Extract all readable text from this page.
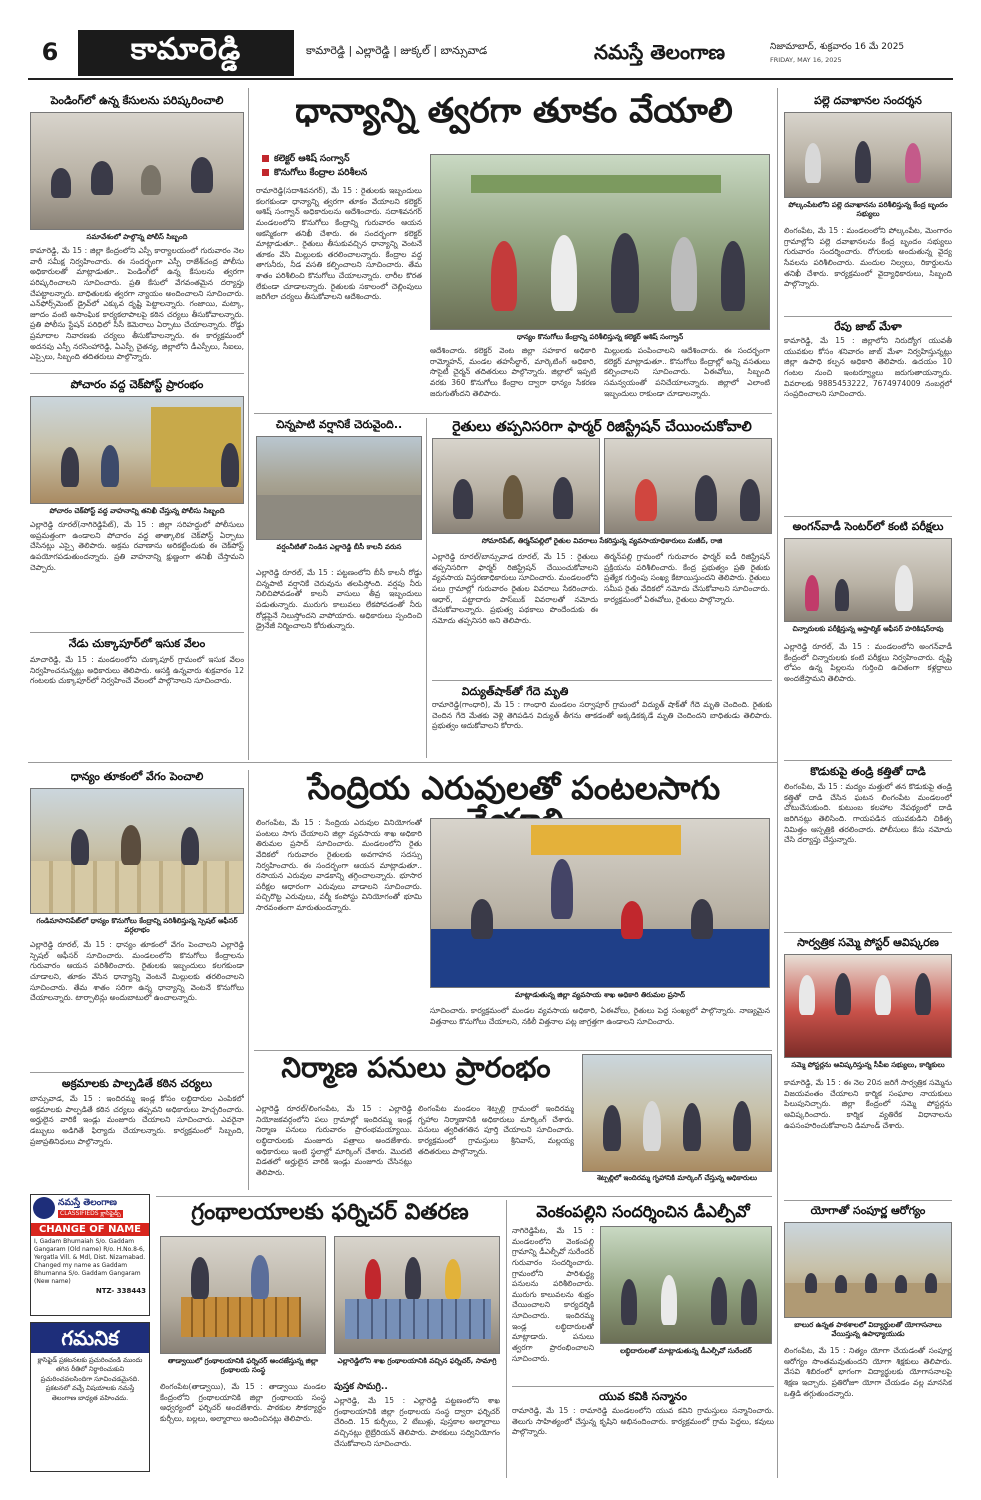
6	కామారెడ్డి	కామారెడ్డి | ఎల్లారెడ్డి | జుక్కల్ | బాన్సువాడ	నమస్తే తెలంగాణ	నిజామాబాద్, శుక్రవారం 16 మే 2025
FRIDAY, MAY 16, 2025
పెండింగ్‌లో ఉన్న కేసులను పరిష్కరించాలి
సమావేశంలో పాల్గొన్న పోలీస్ సిబ్బంది
కామారెడ్డి, మే 15 : జిల్లా కేంద్రంలోని ఎస్పీ కార్యాలయంలో గురువారం నెల వారీ సమీక్ష నిర్వహించారు. ఈ సందర్భంగా ఎస్పీ రాజేశ్‌చంద్ర పోలీసు అధికారులతో మాట్లాడుతూ.. పెండింగ్‌లో ఉన్న కేసులను త్వరగా పరిష్కరించాలని సూచించారు. ప్రతి కేసులో వేగవంతమైన దర్యాప్తు చేపట్టాలన్నారు. బాధితులకు త్వరగా న్యాయం అందించాలని సూచించారు. ఎన్‌ఫోర్స్‌మెంట్ డ్రైవ్‌లో ఎక్కువ దృష్టి పెట్టాలన్నారు. గంజాయి, మట్కా, జూదం వంటి అసాంఘిక కార్యకలాపాలపై కఠిన చర్యలు తీసుకోవాలన్నారు. ప్రతి పోలీసు స్టేషన్ పరిధిలో సీసీ కెమెరాలు ఏర్పాటు చేయాలన్నారు. రోడ్డు ప్రమాదాల నివారణకు చర్యలు తీసుకోవాలన్నారు. ఈ కార్యక్రమంలో అదనపు ఎస్పీ నరసింహారెడ్డి, ఏఎస్పీ చైతన్య, జిల్లాలోని డీఎస్పీలు, సీఐలు, ఎస్సైలు, సిబ్బంది తదితరులు పాల్గొన్నారు.
పోచారం వద్ద చెక్‌పోస్ట్ ప్రారంభం
పోచారం చెక్‌పోస్ట్ వద్ద వాహనాన్ని తనిఖీ చేస్తున్న పోలీసు సిబ్బంది
ఎల్లారెడ్డి రూరల్(నాగిరెడ్డిపేట్), మే 15 : జిల్లా సరిహద్దులో పోలీసులు అప్రమత్తంగా ఉండాలని పోచారం వద్ద తాత్కాలిక చెక్‌పోస్ట్ ఏర్పాటు చేసినట్లు ఎస్సై తెలిపారు. అక్రమ రవాణాను అరికట్టేందుకు ఈ చెక్‌పోస్ట్ ఉపయోగపడుతుందన్నారు. ప్రతి వాహనాన్ని క్షుణ్ణంగా తనిఖీ చేస్తామని చెప్పారు.
నేడు చుక్కాపూర్‌లో ఇసుక వేలం
మాచారెడ్డి, మే 15 : మండలంలోని చుక్కాపూర్ గ్రామంలో ఇసుక వేలం నిర్వహించనున్నట్లు అధికారులు తెలిపారు. ఆసక్తి ఉన్నవారు శుక్రవారం 12 గంటలకు చుక్కాపూర్‌లో నిర్వహించే వేలంలో పాల్గొనాలని సూచించారు.
ధాన్యం తూకంలో వేగం పెంచాలి
గండిమాసానిపేట్‌లో ధాన్యం కొనుగోలు కేంద్రాన్ని పరిశీలిస్తున్న స్పెషల్ ఆఫీసర్ వర్గలాభం
ఎల్లారెడ్డి రూరల్, మే 15 : ధాన్యం తూకంలో వేగం పెంచాలని ఎల్లారెడ్డి స్పెషల్ ఆఫీసర్ సూచించారు. మండలంలోని కొనుగోలు కేంద్రాలను గురువారం ఆయన పరిశీలించారు. రైతులకు ఇబ్బందులు కలగకుండా చూడాలని, తూకం వేసిన ధాన్యాన్ని వెంటనే మిల్లులకు తరలించాలని సూచించారు. తేమ శాతం సరిగా ఉన్న ధాన్యాన్ని వెంటనే కొనుగోలు చేయాలన్నారు. టార్పాలిన్లు అందుబాటులో ఉంచాలన్నారు.
అక్రమాలకు పాల్పడితే కఠిన చర్యలు
బాన్సువాడ, మే 15 : ఇందిరమ్మ ఇండ్ల కోసం లబ్ధిదారుల ఎంపికలో అక్రమాలకు పాల్పడితే కఠిన చర్యలు తప్పవని అధికారులు హెచ్చరించారు. అర్హులైన వారికే ఇండ్లు మంజూరు చేయాలని సూచించారు. ఎవరైనా డబ్బులు అడిగితే ఫిర్యాదు చేయాలన్నారు. కార్యక్రమంలో సిబ్బంది, ప్రజాప్రతినిధులు పాల్గొన్నారు.
నమస్తే తెలంగాణ
CLASSIFIEDS క్లాసిఫైడ్స్
CHANGE OF NAME
I, Gadam Bhumaiah S/o. Gaddam Gangaram (Old name) R/o. H.No.8-6, Yergatla Vill. & Mdl, Dist. Nizamabad. Changed my name as Gaddam Bhumanna S/o. Gaddam Gangaram (New name)
NTZ- 338443
గమనిక
క్లాసిఫైడ్ ప్రకటనలకు ప్రచురించండి ముందు తగిన రీతిలో నిర్ధారించుకుని ప్రచురించవలసిందిగా సూచించడమైనది. ప్రకటనలో వచ్చే విషయాలకు నమస్తే తెలంగాణ బాధ్యత వహించదు.
ధాన్యాన్ని త్వరగా తూకం వేయాలి
కలెక్టర్ ఆశిష్ సంగ్వాన్
కొనుగోలు కేంద్రాల పరిశీలన
రామారెడ్డి(సదాశివనగర్), మే 15 : రైతులకు ఇబ్బందులు కలగకుండా ధాన్యాన్ని త్వరగా తూకం వేయాలని కలెక్టర్ ఆశిష్ సంగ్వాన్ అధికారులను ఆదేశించారు. సదాశివనగర్ మండలంలోని కొనుగోలు కేంద్రాన్ని గురువారం ఆయన ఆకస్మికంగా తనిఖీ చేశారు. ఈ సందర్భంగా కలెక్టర్ మాట్లాడుతూ.. రైతులు తీసుకువచ్చిన ధాన్యాన్ని వెంటనే తూకం వేసి మిల్లులకు తరలించాలన్నారు. కేంద్రాల వద్ద తాగునీరు, నీడ వసతి కల్పించాలని సూచించారు. తేమ శాతం పరిశీలించి కొనుగోలు చేయాలన్నారు. లారీల కొరత లేకుండా చూడాలన్నారు. రైతులకు సకాలంలో చెల్లింపులు జరిగేలా చర్యలు తీసుకోవాలని ఆదేశించారు.
ధాన్యం కొనుగోలు కేంద్రాన్ని పరిశీలిస్తున్న కలెక్టర్ ఆశిష్ సంగ్వాన్
ఆదేశించారు. కలెక్టర్ వెంట జిల్లా సహకార అధికారి రామ్మోహన్, మండల తహసీల్దార్, మార్కెటింగ్ అధికారి, సొసైటీ చైర్మన్ తదితరులు పాల్గొన్నారు. జిల్లాలో ఇప్పటి వరకు 360 కొనుగోలు కేంద్రాల ద్వారా ధాన్యం సేకరణ జరుగుతోందని తెలిపారు.
మిల్లులకు పంపించాలని ఆదేశించారు. ఈ సందర్భంగా కలెక్టర్ మాట్లాడుతూ.. కొనుగోలు కేంద్రాల్లో అన్ని వసతులు కల్పించాలని సూచించారు. ఏఈవోలు, సిబ్బంది సమన్వయంతో పనిచేయాలన్నారు. జిల్లాలో ఎలాంటి ఇబ్బందులు రాకుండా చూడాలన్నారు.
చిన్నపాటి వర్షానికే చెరువైంది..
వర్షంనీటితో నిండిన ఎల్లారెడ్డి బీసీ కాలనీ వరుస
ఎల్లారెడ్డి రూరల్, మే 15 : పట్టణంలోని బీసీ కాలనీ రోడ్డు చిన్నపాటి వర్షానికే చెరువును తలపిస్తోంది. వర్షపు నీరు నిలిచిపోవడంతో కాలనీ వాసులు తీవ్ర ఇబ్బందులు పడుతున్నారు. మురుగు కాలువలు లేకపోవడంతో నీరు రోడ్లపైనే నిలుస్తోందని వాపోయారు. అధికారులు స్పందించి డ్రైనేజీ నిర్మించాలని కోరుతున్నారు.
రైతులు తప్పనిసరిగా ఫార్మర్ రిజిస్ట్రేషన్ చేయించుకోవాలి
సోమారిపేట్, తిర్మన్‌పల్లిలో రైతుల వివరాలు సేకరిస్తున్న వ్యవసాయాధికారులు మజీద్, రాజి
ఎల్లారెడ్డి రూరల్/బాన్సువాడ రూరల్, మే 15 : రైతులు తప్పనిసరిగా ఫార్మర్ రిజిస్ట్రేషన్ చేయించుకోవాలని వ్యవసాయ విస్తరణాధికారులు సూచించారు. మండలంలోని పలు గ్రామాల్లో గురువారం రైతుల వివరాలు సేకరించారు. ఆధార్, పట్టాదారు పాస్‌బుక్ వివరాలతో నమోదు చేసుకోవాలన్నారు. ప్రభుత్వ పథకాలు పొందేందుకు ఈ నమోదు తప్పనిసరి అని తెలిపారు.
తిర్మన్‌పల్లి గ్రామంలో గురువారం ఫార్మర్ ఐడీ రిజిస్ట్రేషన్ ప్రక్రియను పరిశీలించారు. కేంద్ర ప్రభుత్వం ప్రతి రైతుకు ప్రత్యేక గుర్తింపు సంఖ్య కేటాయిస్తుందని తెలిపారు. రైతులు సమీప రైతు వేదికలో నమోదు చేసుకోవాలని సూచించారు. కార్యక్రమంలో ఏఈవోలు, రైతులు పాల్గొన్నారు.
విద్యుత్‌షాక్‌తో గేదె మృతి
రామారెడ్డి(గాంధారి), మే 15 : గాంధారి మండలం సర్వాపూర్ గ్రామంలో విద్యుత్ షాక్‌తో గేదె మృతి చెందింది. రైతుకు చెందిన గేదె మేతకు వెళ్లి తెగిపడిన విద్యుత్ తీగను తాకడంతో అక్కడికక్కడే మృతి చెందిందని బాధితుడు తెలిపారు. ప్రభుత్వం ఆదుకోవాలని కోరారు.
సేంద్రియ ఎరువులతో పంటలసాగు
లింగంపేట, మే 15 : సేంద్రియ ఎరువుల వినియోగంతో పంటలు సాగు చేయాలని జిల్లా వ్యవసాయ శాఖ అధికారి తిరుమల ప్రసాద్ సూచించారు. మండలంలోని రైతు వేదికలో గురువారం రైతులకు అవగాహన సదస్సు నిర్వహించారు. ఈ సందర్భంగా ఆయన మాట్లాడుతూ.. రసాయన ఎరువుల వాడకాన్ని తగ్గించాలన్నారు. భూసార పరీక్షల ఆధారంగా ఎరువులు వాడాలని సూచించారు. పచ్చిరొట్ట ఎరువులు, వర్మీ కంపోస్టు వినియోగంతో భూమి సారవంతంగా మారుతుందన్నారు.
మాట్లాడుతున్న జిల్లా వ్యవసాయ శాఖ అధికారి తిరుమల ప్రసాద్
సూచించారు. కార్యక్రమంలో మండల వ్యవసాయ అధికారి, ఏఈవోలు, రైతులు పెద్ద సంఖ్యలో పాల్గొన్నారు. నాణ్యమైన విత్తనాలు కొనుగోలు చేయాలని, నకిలీ విత్తనాల పట్ల జాగ్రత్తగా ఉండాలని సూచించారు.
నిర్మాణ పనులు ప్రారంభం
ఎల్లారెడ్డి రూరల్/లింగంపేట, మే 15 : ఎల్లారెడ్డి నియోజకవర్గంలోని పలు గ్రామాల్లో ఇందిరమ్మ ఇండ్ల నిర్మాణ పనులు గురువారం ప్రారంభమయ్యాయి. లబ్ధిదారులకు మంజూరు పత్రాలు అందజేశారు. అధికారులు ఇంటి స్థలాల్లో మార్కింగ్ చేశారు. మొదటి విడతలో అర్హులైన వారికి ఇండ్లు మంజూరు చేసినట్లు తెలిపారు.
లింగంపేట మండలం శెట్పల్లి గ్రామంలో ఇందిరమ్మ గృహాల నిర్మాణానికి అధికారులు మార్కింగ్ చేశారు. పనులు త్వరితగతిన పూర్తి చేయాలని సూచించారు. కార్యక్రమంలో గ్రామస్తులు శ్రీనివాస్, మల్లయ్య తదితరులు పాల్గొన్నారు.
శెట్పల్లిలో ఇందిరమ్మ గృహానికి మార్కింగ్ చేస్తున్న అధికారులు
గ్రంథాలయాలకు ఫర్నిచర్ వితరణ
తాడ్వాయిలో గ్రంథాలయానికి ఫర్నిచర్ అందజేస్తున్న జిల్లా గ్రంథాలయ సంస్థ
ఎల్లారెడ్డిలోని శాఖ గ్రంథాలయానికి వచ్చిన ఫర్నిచర్, సామాగ్రి
లింగంపేట(తాడ్వాయి), మే 15 : తాడ్వాయి మండల కేంద్రంలోని గ్రంథాలయానికి జిల్లా గ్రంథాలయ సంస్థ ఆధ్వర్యంలో ఫర్నిచర్ అందజేశారు. పాఠకుల సౌకర్యార్థం కుర్చీలు, బల్లలు, అల్మారాలు అందించినట్లు తెలిపారు.
పుస్తక సామగ్రి..
ఎల్లారెడ్డి, మే 15 : ఎల్లారెడ్డి పట్టణంలోని శాఖ గ్రంథాలయానికి జిల్లా గ్రంథాలయ సంస్థ ద్వారా ఫర్నిచర్ చేరింది. 15 కుర్చీలు, 2 టేబుళ్లు, పుస్తకాల అల్మారాలు వచ్చినట్లు లైబ్రేరియన్ తెలిపారు. పాఠకులు సద్వినియోగం చేసుకోవాలని సూచించారు.
వెంకంపల్లిని సందర్శించిన డీఎల్పీవో
నాగిరెడ్డిపేట, మే 15 : మండలంలోని వెంకంపల్లి గ్రామాన్ని డీఎల్పీవో సురేందర్ గురువారం సందర్శించారు. గ్రామంలోని పారిశుద్ధ్య పనులను పరిశీలించారు. మురుగు కాలువలను శుభ్రం చేయించాలని కార్యదర్శికి సూచించారు. ఇందిరమ్మ ఇండ్ల లబ్ధిదారులతో మాట్లాడారు. పనులు త్వరగా ప్రారంభించాలని సూచించారు.
లబ్ధిదారులతో మాట్లాడుతున్న డీఎల్పీవో సురేందర్
యువ కవికి సన్మానం
రామారెడ్డి, మే 15 : రామారెడ్డి మండలంలోని యువ కవిని గ్రామస్తులు సన్మానించారు. తెలుగు సాహిత్యంలో చేస్తున్న కృషిని అభినందించారు. కార్యక్రమంలో గ్రామ పెద్దలు, కవులు పాల్గొన్నారు.
పల్లె దవాఖానల సందర్శన
పోల్కంపేటలోని పల్లె దవాఖానను పరిశీలిస్తున్న కేంద్ర బృందం సభ్యులు
లింగంపేట, మే 15 : మండలంలోని పోల్కంపేట, మెంగారం గ్రామాల్లోని పల్లె దవాఖానలను కేంద్ర బృందం సభ్యులు గురువారం సందర్శించారు. రోగులకు అందుతున్న వైద్య సేవలను పరిశీలించారు. మందుల నిల్వలు, రికార్డులను తనిఖీ చేశారు. కార్యక్రమంలో వైద్యాధికారులు, సిబ్బంది పాల్గొన్నారు.
రేపు జాబ్ మేళా
కామారెడ్డి, మే 15 : జిల్లాలోని నిరుద్యోగ యువతీ యువకుల కోసం శనివారం జాబ్ మేళా నిర్వహిస్తున్నట్లు జిల్లా ఉపాధి కల్పన అధికారి తెలిపారు. ఉదయం 10 గంటల నుంచి ఇంటర్వ్యూలు జరుగుతాయన్నారు. వివరాలకు 9885453222, 7674974009 నంబర్లలో సంప్రదించాలని సూచించారు.
అంగన్‌వాడీ సెంటర్‌లో కంటి పరీక్షలు
చిన్నారులకు పరీక్షిస్తున్న ఆప్తాల్మిక్ ఆఫీసర్ హరికిషన్‌రావు
ఎల్లారెడ్డి రూరల్, మే 15 : మండలంలోని అంగన్‌వాడీ కేంద్రంలో చిన్నారులకు కంటి పరీక్షలు నిర్వహించారు. దృష్టి లోపం ఉన్న పిల్లలను గుర్తించి ఉచితంగా కళ్లద్దాలు అందజేస్తామని తెలిపారు.
కొడుకుపై తండ్రి కత్తితో దాడి
లింగంపేట, మే 15 : మద్యం మత్తులో తన కొడుకుపై తండ్రి కత్తితో దాడి చేసిన ఘటన లింగంపేట మండలంలో చోటుచేసుకుంది. కుటుంబ కలహాల నేపథ్యంలో దాడి జరిగినట్లు తెలిసింది. గాయపడిన యువకుడిని చికిత్స నిమిత్తం ఆస్పత్రికి తరలించారు. పోలీసులు కేసు నమోదు చేసి దర్యాప్తు చేస్తున్నారు.
సార్వత్రిక సమ్మె పోస్టర్ ఆవిష్కరణ
సమ్మె పోస్టర్లను ఆవిష్కరిస్తున్న సీపీఐ సభ్యులు, కార్మికులు
కామారెడ్డి, మే 15 : ఈ నెల 20న జరిగే సార్వత్రిక సమ్మెను విజయవంతం చేయాలని కార్మిక సంఘాల నాయకులు పిలుపునిచ్చారు. జిల్లా కేంద్రంలో సమ్మె పోస్టర్లను ఆవిష్కరించారు. కార్మిక వ్యతిరేక విధానాలను ఉపసంహరించుకోవాలని డిమాండ్ చేశారు.
యోగాతో సంపూర్ణ ఆరోగ్యం
బాలుర ఉన్నత పాఠశాలలో విద్యార్థులతో యోగాసనాలు వేయిస్తున్న ఉపాధ్యాయుడు
లింగంపేట, మే 15 : నిత్యం యోగా చేయడంతో సంపూర్ణ ఆరోగ్యం సొంతమవుతుందని యోగా శిక్షకులు తెలిపారు. వేసవి శిబిరంలో భాగంగా విద్యార్థులకు యోగాసనాలపై శిక్షణ ఇచ్చారు. ప్రతిరోజూ యోగా చేయడం వల్ల మానసిక ఒత్తిడి తగ్గుతుందన్నారు.
